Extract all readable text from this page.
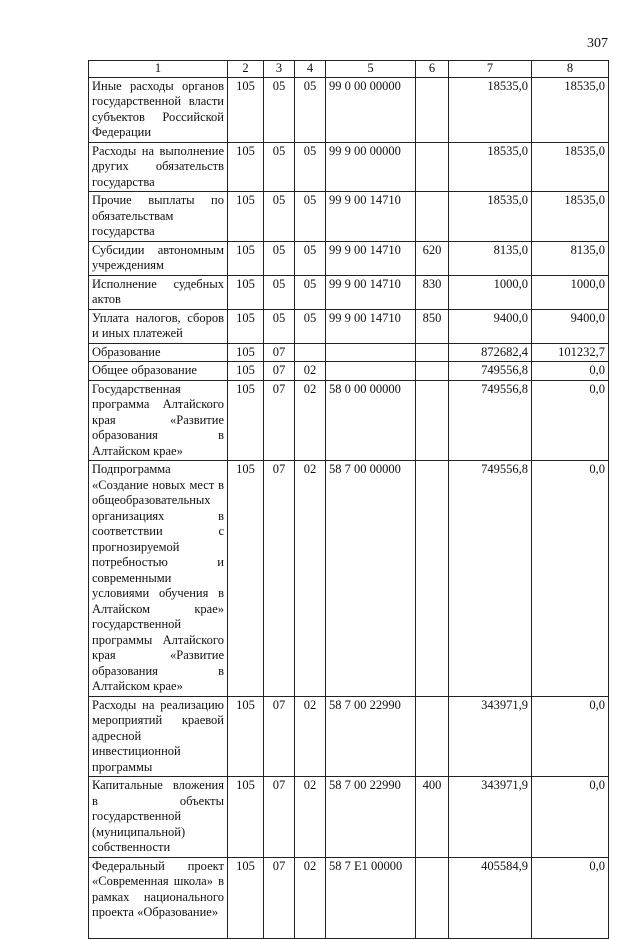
307
1	2	3	4	5	6	7	8
Иные расходы органов государственной власти субъектов Российской Федерации	105	05	05	99 0 00 00000		18535,0	18535,0
Расходы на выполнение других обязательств государства	105	05	05	99 9 00 00000		18535,0	18535,0
Прочие выплаты по обязательствам государства	105	05	05	99 9 00 14710		18535,0	18535,0
Субсидии автономным учреждениям	105	05	05	99 9 00 14710	620	8135,0	8135,0
Исполнение судебных актов	105	05	05	99 9 00 14710	830	1000,0	1000,0
Уплата налогов, сборов и иных платежей	105	05	05	99 9 00 14710	850	9400,0	9400,0
Образование	105	07				872682,4	101232,7
Общее образование	105	07	02			749556,8	0,0
Государственная программа Алтайского края «Развитие образования в Алтайском крае»	105	07	02	58 0 00 00000		749556,8	0,0
Подпрограмма «Создание новых мест в общеобразовательных организациях в соответствии с прогнозируемой потребностью и современными условиями обучения в Алтайском крае» государственной программы Алтайского края «Развитие образования в Алтайском крае»	105	07	02	58 7 00 00000		749556,8	0,0
Расходы на реализацию мероприятий краевой адресной инвестиционной программы	105	07	02	58 7 00 22990		343971,9	0,0
Капитальные вложения в объекты государственной (муниципальной) собственности	105	07	02	58 7 00 22990	400	343971,9	0,0
Федеральный проект «Современная школа» в рамках национального проекта «Образование»	105	07	02	58 7 E1 00000		405584,9	0,0
